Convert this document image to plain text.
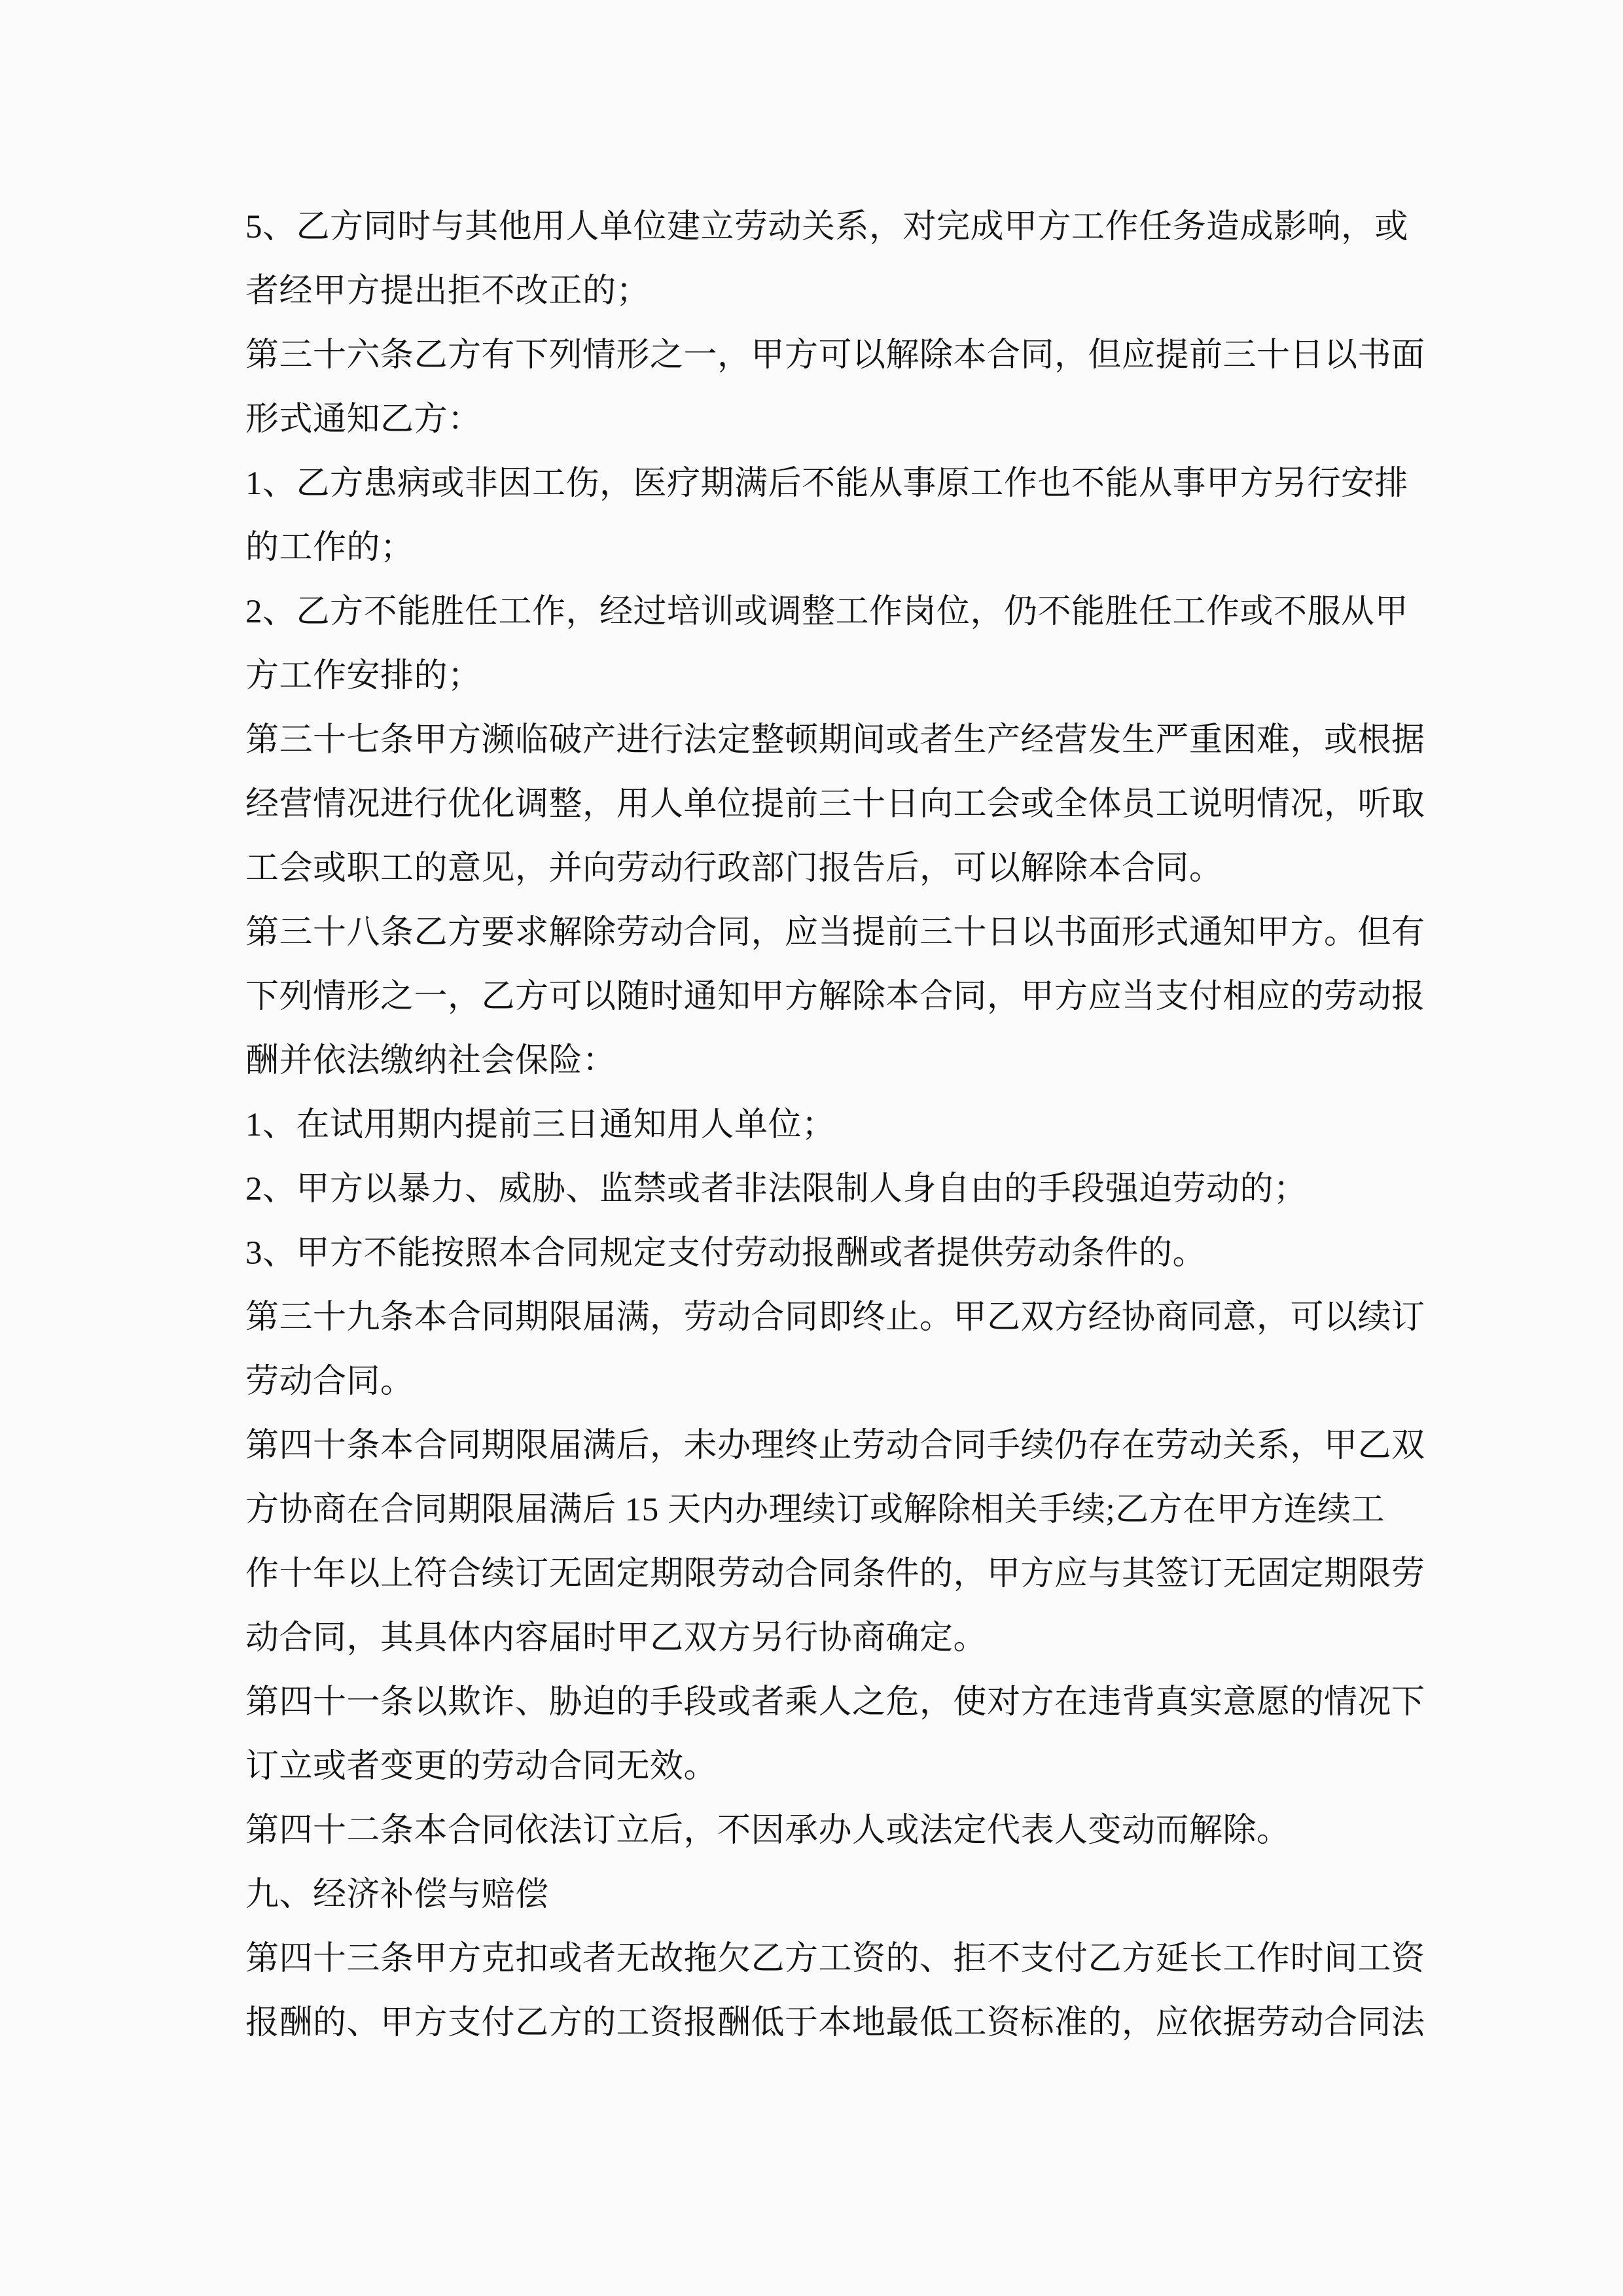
5、乙方同时与其他用人单位建立劳动关系，对完成甲方工作任务造成影响，或

者经甲方提出拒不改正的；

第三十六条乙方有下列情形之一，甲方可以解除本合同，但应提前三十日以书面

形式通知乙方：

1、乙方患病或非因工伤，医疗期满后不能从事原工作也不能从事甲方另行安排

的工作的；

2、乙方不能胜任工作，经过培训或调整工作岗位，仍不能胜任工作或不服从甲

方工作安排的；

第三十七条甲方濒临破产进行法定整顿期间或者生产经营发生严重困难，或根据

经营情况进行优化调整，用人单位提前三十日向工会或全体员工说明情况，听取

工会或职工的意见，并向劳动行政部门报告后，可以解除本合同。

第三十八条乙方要求解除劳动合同，应当提前三十日以书面形式通知甲方。但有

下列情形之一，乙方可以随时通知甲方解除本合同，甲方应当支付相应的劳动报

酬并依法缴纳社会保险：

1、在试用期内提前三日通知用人单位；

2、甲方以暴力、威胁、监禁或者非法限制人身自由的手段强迫劳动的；

3、甲方不能按照本合同规定支付劳动报酬或者提供劳动条件的。

第三十九条本合同期限届满，劳动合同即终止。甲乙双方经协商同意，可以续订

劳动合同。

第四十条本合同期限届满后，未办理终止劳动合同手续仍存在劳动关系，甲乙双

方协商在合同期限届满后 15 天内办理续订或解除相关手续;乙方在甲方连续工

作十年以上符合续订无固定期限劳动合同条件的，甲方应与其签订无固定期限劳

动合同，其具体内容届时甲乙双方另行协商确定。

第四十一条以欺诈、胁迫的手段或者乘人之危，使对方在违背真实意愿的情况下

订立或者变更的劳动合同无效。

第四十二条本合同依法订立后，不因承办人或法定代表人变动而解除。

九、经济补偿与赔偿

第四十三条甲方克扣或者无故拖欠乙方工资的、拒不支付乙方延长工作时间工资

报酬的、甲方支付乙方的工资报酬低于本地最低工资标准的，应依据劳动合同法
